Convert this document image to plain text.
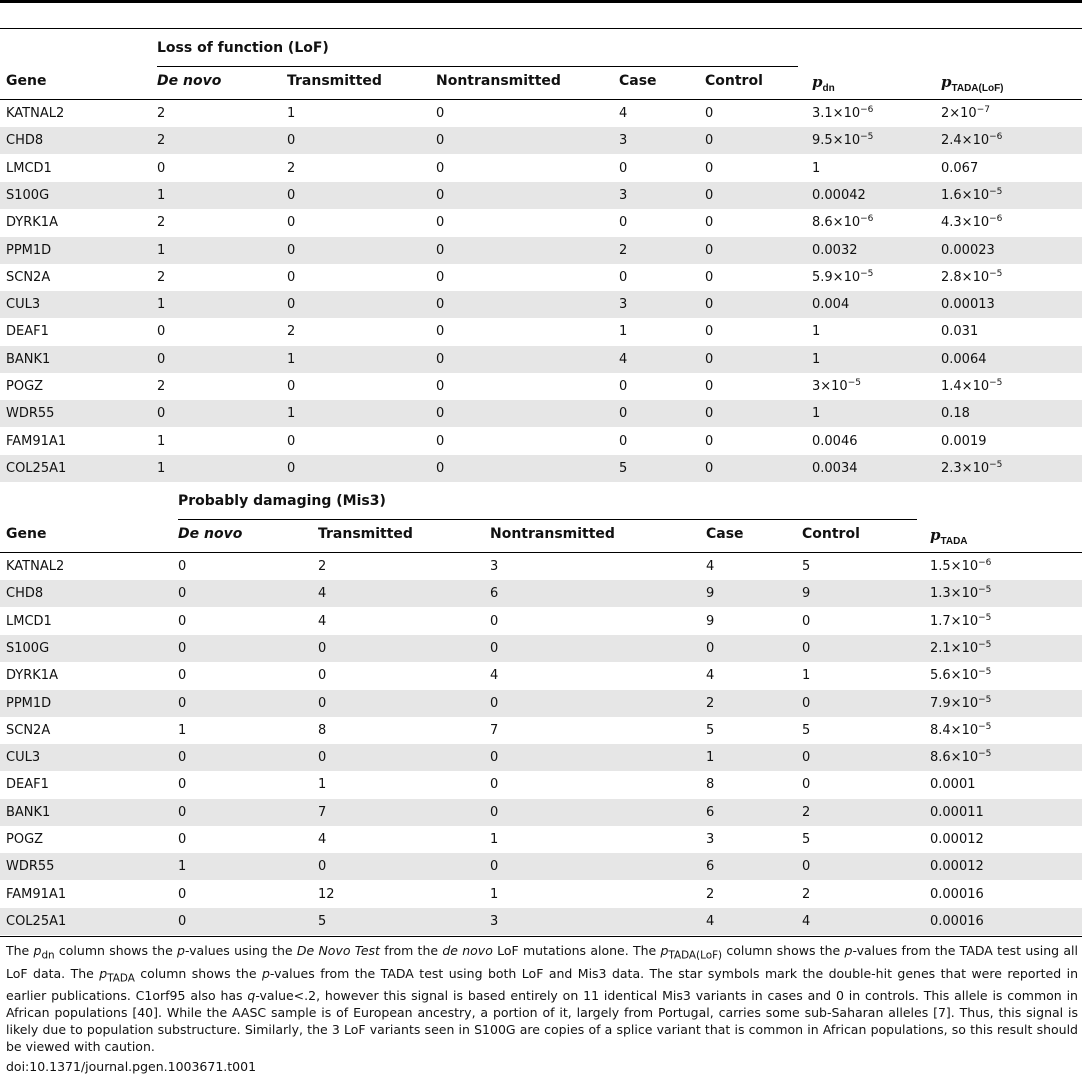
Loss of function (LoF)
Gene	De novo	Transmitted	Nontransmitted	Case	Control	$p_{dn}$	$p_{TADA(LoF)}$
KATNAL2	2	1	0	4	0	$3.1\times 10^{-6}$	$2\times 10^{-7}$
CHD8	2	0	0	3	0	$9.5\times 10^{-5}$	$2.4\times 10^{-6}$
LMCD1	0	2	0	0	0	1	0.067
S100G	1	0	0	3	0	0.00042	$1.6\times 10^{-5}$
DYRK1A	2	0	0	0	0	$8.6\times 10^{-6}$	$4.3\times 10^{-6}$
PPM1D	1	0	0	2	0	0.0032	0.00023
SCN2A	2	0	0	0	0	$5.9\times 10^{-5}$	$2.8\times 10^{-5}$
CUL3	1	0	0	3	0	0.004	0.00013
DEAF1	0	2	0	1	0	1	0.031
BANK1	0	1	0	4	0	1	0.0064
POGZ	2	0	0	0	0	$3\times 10^{-5}$	$1.4\times 10^{-5}$
WDR55	0	1	0	0	0	1	0.18
FAM91A1	1	0	0	0	0	0.0046	0.0019
COL25A1	1	0	0	5	0	0.0034	$2.3\times 10^{-5}$
Probably damaging (Mis3)
Gene	De novo	Transmitted	Nontransmitted	Case	Control	$p_{TADA}$
KATNAL2	0	2	3	4	5	$1.5\times 10^{-6}$
CHD8	0	4	6	9	9	$1.3\times 10^{-5}$
LMCD1	0	4	0	9	0	$1.7\times 10^{-5}$
S100G	0	0	0	0	0	$2.1\times 10^{-5}$
DYRK1A	0	0	4	4	1	$5.6\times 10^{-5}$
PPM1D	0	0	0	2	0	$7.9\times 10^{-5}$
SCN2A	1	8	7	5	5	$8.4\times 10^{-5}$
CUL3	0	0	0	1	0	$8.6\times 10^{-5}$
DEAF1	0	1	0	8	0	0.0001
BANK1	0	7	0	6	2	0.00011
POGZ	0	4	1	3	5	0.00012
WDR55	1	0	0	6	0	0.00012
FAM91A1	0	12	1	2	2	0.00016
COL25A1	0	5	3	4	4	0.00016
The $p_{dn}$ column shows the p-values using the De Novo Test from the de novo LoF mutations alone. The $p_{TADA(LoF)}$ column shows the p-values from the TADA test using all LoF data. The $p_{TADA}$ column shows the p-values from the TADA test using both LoF and Mis3 data. The star symbols mark the double-hit genes that were reported in earlier publications. C1orf95 also has q-value<.2, however this signal is based entirely on 11 identical Mis3 variants in cases and 0 in controls. This allele is common in African populations [40]. While the AASC sample is of European ancestry, a portion of it, largely from Portugal, carries some sub-Saharan alleles [7]. Thus, this signal is likely due to population substructure. Similarly, the 3 LoF variants seen in S100G are copies of a splice variant that is common in African populations, so this result should be viewed with caution.
doi:10.1371/journal.pgen.1003671.t001
